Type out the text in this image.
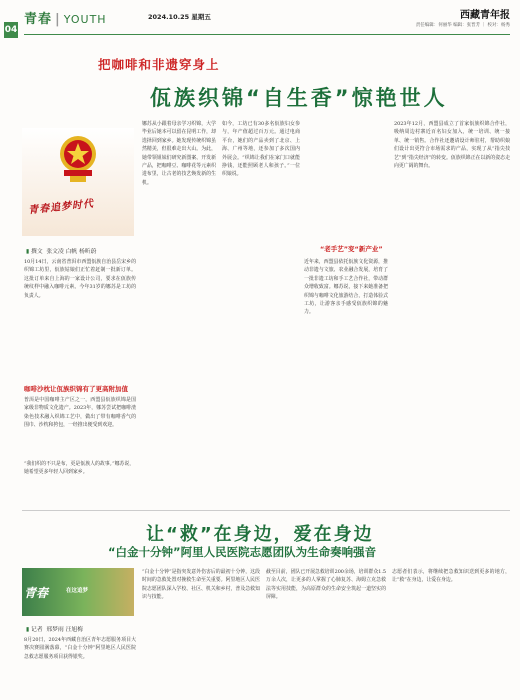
04
青春 | YOUTH	2024.10.25 星期五	西藏青年报
责任编辑：何丽华 编辑：张晋芳 ｜ 校对：杨秀
把咖啡和非遗穿身上
佤族织锦“自生香”惊艳世人
青春追梦时代
▮ 撰文 张文凌 白帆 杨昕蔚
10月14日，云南省普洱市西盟佤族自治县岳宋乡的织锦工坊里，佤族姑娘们正忙着赶制一批新订单。这批订单来自上海的一家设计公司，要求在佤族传统纹样中融入咖啡元素。今年31岁的娜苏是工坊的负责人。
咖啡沙枕让佤族织锦有了更高附加值
普洱是中国咖啡主产区之一，西盟县佤族织锦是国家级非物质文化遗产。2023年，娜苏尝试把咖啡渣染色技术融入织锦工艺中，做出了带有咖啡香气的围巾、沙枕和挎包，一经推出便受到欢迎。
“我们织的不只是布，更是佤族人的故事。”娜苏说，她希望更多年轻人回到家乡。
娜苏从小跟着母亲学习织锦，大学毕业后她本可以留在昆明工作，却选择回到家乡。她发现传统织锦虽然精美，但很难走出大山。为此，她带领姐妹们研究新图案、开发新产品，把咖啡豆、咖啡花等元素织进布里，让古老的技艺焕发新的生机。
如今，工坊已有30多名佤族妇女参与，年产值超过百万元。通过电商平台，她们的产品卖到了北京、上海、广州等地，还参加了多次国内外展会。“织锦让我们在家门口就能挣钱，还能照顾老人和孩子。”一位织娘说。
“老手艺”变“新产业”
近年来，西盟县依托佤族文化资源，推动非遗与文旅、农业融合发展，培育了一批非遗工坊和手工艺合作社，带动群众增收致富。娜苏说，接下来她准备把织锦与咖啡文化旅游结合，打造体验式工坊，让游客亲手感受佤族织锦的魅力。
2023年12月，西盟县成立了首家佤族织锦合作社，吸纳周边村寨近百名妇女加入，统一培训、统一接单、统一销售。合作社还邀请设计师驻村，帮助织娘们设计出更符合市场需求的产品，实现了从“指尖技艺”到“指尖经济”的转变。佤族织锦正在以新的姿态走向更广阔的舞台。
让“救”在身边，爱在身边
“白金十分钟”阿里人民医院志愿团队为生命奏响强音
青春	在这追梦
▮ 记者 邢梦雨 汪旭梅
8月20日，2024年西藏自治区青年志愿服务项目大赛决赛圆满落幕，“白金十分钟”阿里地区人民医院急救志愿服务项目获得银奖。
“白金十分钟”是指突发意外伤害后的最初十分钟，这段时间的急救处置对挽救生命至关重要。阿里地区人民医院志愿团队深入学校、社区、机关和乡村，普及急救知识与技能。
截至目前，团队已开展急救培训200余场，培训群众1.5万余人次，让更多的人掌握了心肺复苏、海姆立克急救法等实用技能，为高原群众的生命安全筑起一道坚实的屏障。
志愿者们表示，将继续把急救知识送到更多的地方，让“救”在身边，让爱在身边。
